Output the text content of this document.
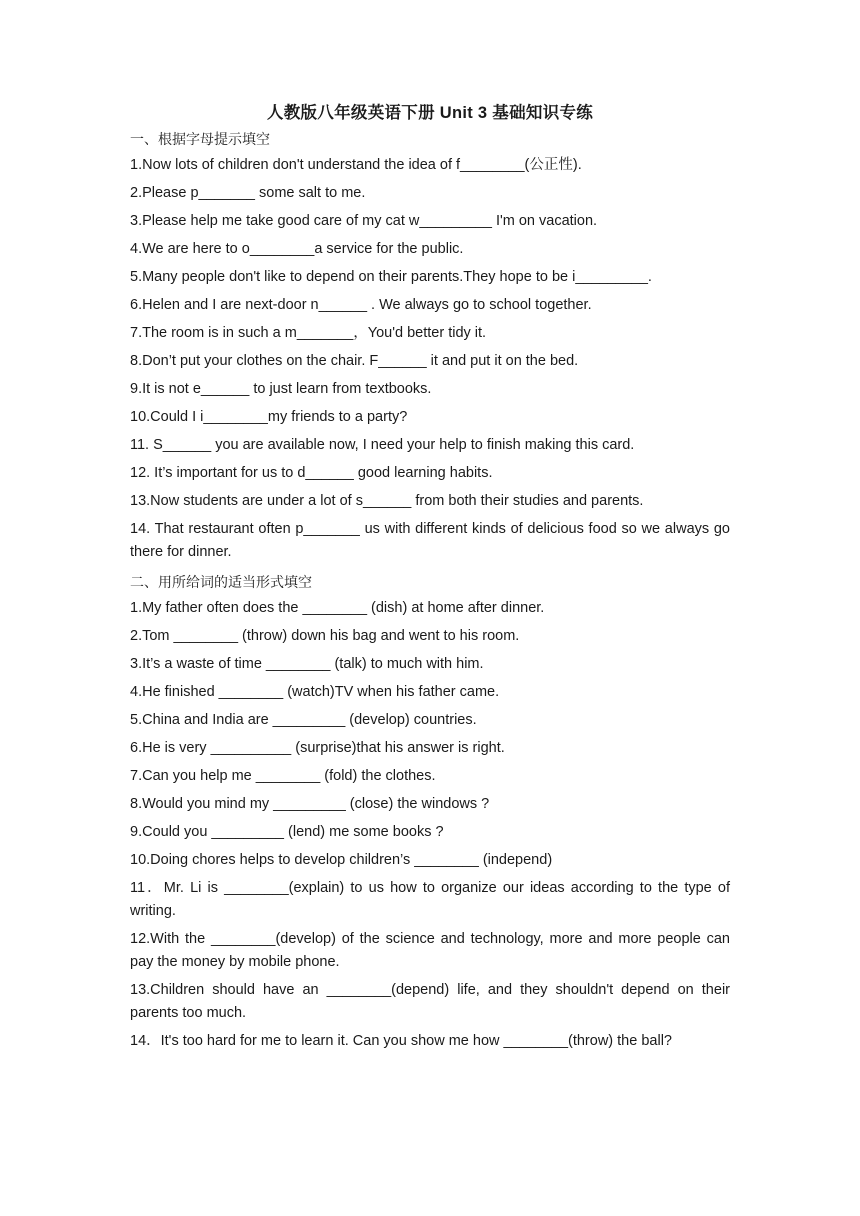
人教版八年级英语下册 Unit 3 基础知识专练

一、根据字母提示填空

1.Now lots of children don't understand the idea of f________(公正性).

2.Please p_______ some salt to me.

3.Please help me take good care of my cat w_________ I'm on vacation.

4.We are here to o________a service for the public.

5.Many people don't like to depend on their parents.They hope to be i_________.

6.Helen and I are next-door n______ . We always go to school together.

7.The room is in such a m_______，You'd better tidy it.

8.Don’t put your clothes on the chair. F______ it and put it on the bed.

9.It is not e______ to just learn from textbooks.

10.Could I i________my friends to a party?

11. S______ you are available now, I need your help to finish making this card.

12. It’s important for us to d______ good learning habits.

13.Now students are under a lot of s______ from both their studies and parents.

14. That restaurant often p_______ us with different kinds of delicious food so we always go there for dinner.

二、用所给词的适当形式填空

1.My father often does the ________ (dish) at home after dinner.

2.Tom ________ (throw) down his bag and went to his room.

3.It’s a waste of time ________ (talk) to much with him.

4.He finished ________ (watch)TV when his father came.

5.China and India are _________ (develop) countries.

6.He is very __________ (surprise)that his answer is right.

7.Can you help me ________ (fold) the clothes.

8.Would you mind my _________ (close) the windows ?

9.Could you _________ (lend) me some books ?

10.Doing chores helps to develop children’s ________ (independ)

11．Mr. Li is ________(explain) to us how to organize our ideas according to the type of writing.

12.With the ________(develop) of the science and technology, more and more people can pay the money by mobile phone.

13.Children should have an ________(depend) life, and they shouldn't depend on their parents too much.

14．It's too hard for me to learn it. Can you show me how ________(throw) the ball?
